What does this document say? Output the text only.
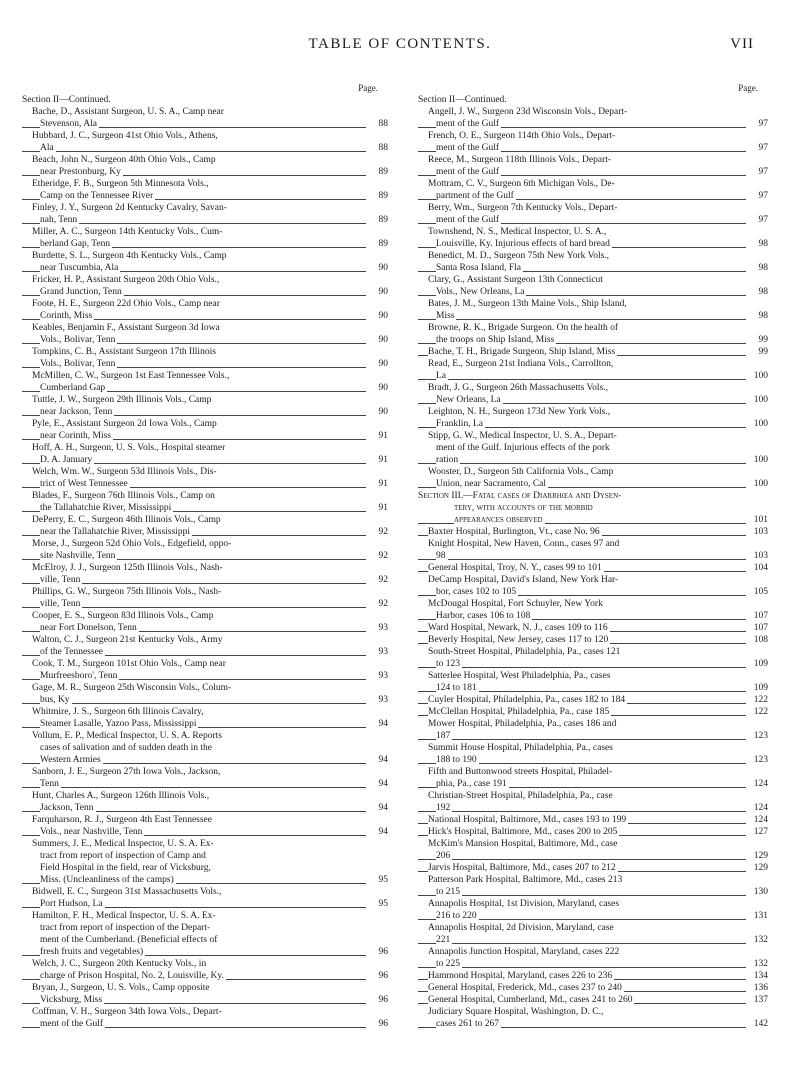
TABLE OF CONTENTS.	VII
Page.
Section II—Continued.
Bache, D., Assistant Surgeon, U. S. A., Camp near
Stevenson, Ala	88
Hubbard, J. C., Surgeon 41st Ohio Vols., Athens,
Ala	88
Beach, John N., Surgeon 40th Ohio Vols., Camp
near Prestonburg, Ky	89
Etheridge, F. B., Surgeon 5th Minnesota Vols.,
Camp on the Tennessee River	89
Finley, J. Y., Surgeon 2d Kentucky Cavalry, Savan-
nah, Tenn	89
Miller, A. C., Surgeon 14th Kentucky Vols., Cum-
berland Gap, Tenn	89
Burdette, S. L., Surgeon 4th Kentucky Vols., Camp
near Tuscumbia, Ala	90
Fricker, H. P., Assistant Surgeon 20th Ohio Vols.,
Grand Junction, Tenn	90
Foote, H. E., Surgeon 22d Ohio Vols., Camp near
Corinth, Miss	90
Keables, Benjamin F., Assistant Surgeon 3d Iowa
Vols., Bolivar, Tenn	90
Tompkins, C. B., Assistant Surgeon 17th Illinois
Vols., Bolivar, Tenn	90
McMillen, C. W., Surgeon 1st East Tennessee Vols.,
Cumberland Gap	90
Tuttle, J. W., Surgeon 29th Illinois Vols., Camp
near Jackson, Tenn	90
Pyle, E., Assistant Surgeon 2d Iowa Vols., Camp
near Corinth, Miss	91
Hoff, A. H., Surgeon, U. S. Vols., Hospital steamer
D. A. January	91
Welch, Wm. W., Surgeon 53d Illinois Vols., Dis-
trict of West Tennessee	91
Blades, F., Surgeon 76th Illinois Vols., Camp on
the Tallahatchie River, Mississippi	91
DePerry, E. C., Surgeon 46th Illinois Vols., Camp
near the Tallahatchie River, Mississippi	92
Morse, J., Surgeon 52d Ohio Vols., Edgefield, oppo-
site Nashville, Tenn	92
McElroy, J. J., Surgeon 125th Illinois Vols., Nash-
ville, Tenn	92
Phillips, G. W., Surgeon 75th Illinois Vols., Nash-
ville, Tenn	92
Cooper, E. S., Surgeon 83d Illinois Vols., Camp
near Fort Donelson, Tenn	93
Walton, C. J., Surgeon 21st Kentucky Vols., Army
of the Tennessee	93
Cook, T. M., Surgeon 101st Ohio Vols., Camp near
Murfreesboro', Tenn	93
Gage, M. R., Surgeon 25th Wisconsin Vols., Colum-
bus, Ky	93
Whitmire, J. S., Surgeon 6th Illinois Cavalry,
Steamer Lasalle, Yazoo Pass, Mississippi	94
Vollum, E. P., Medical Inspector, U. S. A. Reports
cases of salivation and of sudden death in the
Western Armies	94
Sanborn, J. E., Surgeon 27th Iowa Vols., Jackson,
Tenn	94
Hunt, Charles A., Surgeon 126th Illinois Vols.,
Jackson, Tenn	94
Farquharson, R. J., Surgeon 4th East Tennessee
Vols., near Nashville, Tenn	94
Summers, J. E., Medical Inspector, U. S. A. Ex-
tract from report of inspection of Camp and
Field Hospital in the field, rear of Vicksburg,
Miss. (Uncleanliness of the camps)	95
Bidwell, E. C., Surgeon 31st Massachusetts Vols.,
Port Hudson, La	95
Hamilton, F. H., Medical Inspector, U. S. A. Ex-
tract from report of inspection of the Depart-
ment of the Cumberland. (Beneficial effects of
fresh fruits and vegetables)	96
Welch, J. C., Surgeon 20th Kentucky Vols., in
charge of Prison Hospital, No. 2, Louisville, Ky.	96
Bryan, J., Surgeon, U. S. Vols., Camp opposite
Vicksburg, Miss	96
Coffman, V. H., Surgeon 34th Iowa Vols., Depart-
ment of the Gulf	96
Page.
Section II—Continued.
Angell, J. W., Surgeon 23d Wisconsin Vols., Depart-
ment of the Gulf	97
French, O. E., Surgeon 114th Ohio Vols., Depart-
ment of the Gulf	97
Reece, M., Surgeon 118th Illinois Vols., Depart-
ment of the Gulf	97
Mottram, C. V., Surgeon 6th Michigan Vols., De-
partment of the Gulf	97
Berry, Wm., Surgeon 7th Kentucky Vols., Depart-
ment of the Gulf	97
Townshend, N. S., Medical Inspector, U. S. A.,
Louisville, Ky. Injurious effects of hard bread	98
Benedict, M. D., Surgeon 75th New York Vols.,
Santa Rosa Island, Fla	98
Clary, G., Assistant Surgeon 13th Connecticut
Vols., New Orleans, La	98
Bates, J. M., Surgeon 13th Maine Vols., Ship Island,
Miss	98
Browne, R. K., Brigade Surgeon. On the health of
the troops on Ship Island, Miss	99
Bache, T. H., Brigade Surgeon, Ship Island, Miss	99
Read, E., Surgeon 21st Indiana Vols., Carrollton,
La	100
Bradt, J. G., Surgeon 26th Massachusetts Vols.,
New Orleans, La	100
Leighton, N. H., Surgeon 173d New York Vols.,
Franklin, La	100
Stipp, G. W., Medical Inspector, U. S. A., Depart-
ment of the Gulf. Injurious effects of the pork
ration	100
Wooster, D., Surgeon 5th California Vols., Camp
Union, near Sacramento, Cal	100
Section III.—Fatal cases of Diarrhœa and Dysen-
tery, with accounts of the morbid
appearances observed	101
Baxter Hospital, Burlington, Vt., case No. 96	103
Knight Hospital, New Haven, Conn., cases 97 and
98	103
General Hospital, Troy, N. Y., cases 99 to 101	104
DeCamp Hospital, David's Island, New York Har-
bor, cases 102 to 105	105
McDougal Hospital, Fort Schuyler, New York
Harbor, cases 106 to 108	107
Ward Hospital, Newark, N. J., cases 109 to 116	107
Beverly Hospital, New Jersey, cases 117 to 120	108
South-Street Hospital, Philadelphia, Pa., cases 121
to 123	109
Satterlee Hospital, West Philadelphia, Pa., cases
124 to 181	109
Cuyler Hospital, Philadelphia, Pa., cases 182 to 184	122
McClellan Hospital, Philadelphia, Pa., case 185	122
Mower Hospital, Philadelphia, Pa., cases 186 and
187	123
Summit House Hospital, Philadelphia, Pa., cases
188 to 190	123
Fifth and Buttonwood streets Hospital, Philadel-
phia, Pa., case 191	124
Christian-Street Hospital, Philadelphia, Pa., case
192	124
National Hospital, Baltimore, Md., cases 193 to 199	124
Hick's Hospital, Baltimore, Md., cases 200 to 205	127
McKim's Mansion Hospital, Baltimore, Md., case
206	129
Jarvis Hospital, Baltimore, Md., cases 207 to 212	129
Patterson Park Hospital, Baltimore, Md., cases 213
to 215	130
Annapolis Hospital, 1st Division, Maryland, cases
216 to 220	131
Annapolis Hospital, 2d Division, Maryland, case
221	132
Annapolis Junction Hospital, Maryland, cases 222
to 225	132
Hammond Hospital, Maryland, cases 226 to 236	134
General Hospital, Frederick, Md., cases 237 to 240	136
General Hospital, Cumberland, Md., cases 241 to 260	137
Judiciary Square Hospital, Washington, D. C.,
cases 261 to 267	142
